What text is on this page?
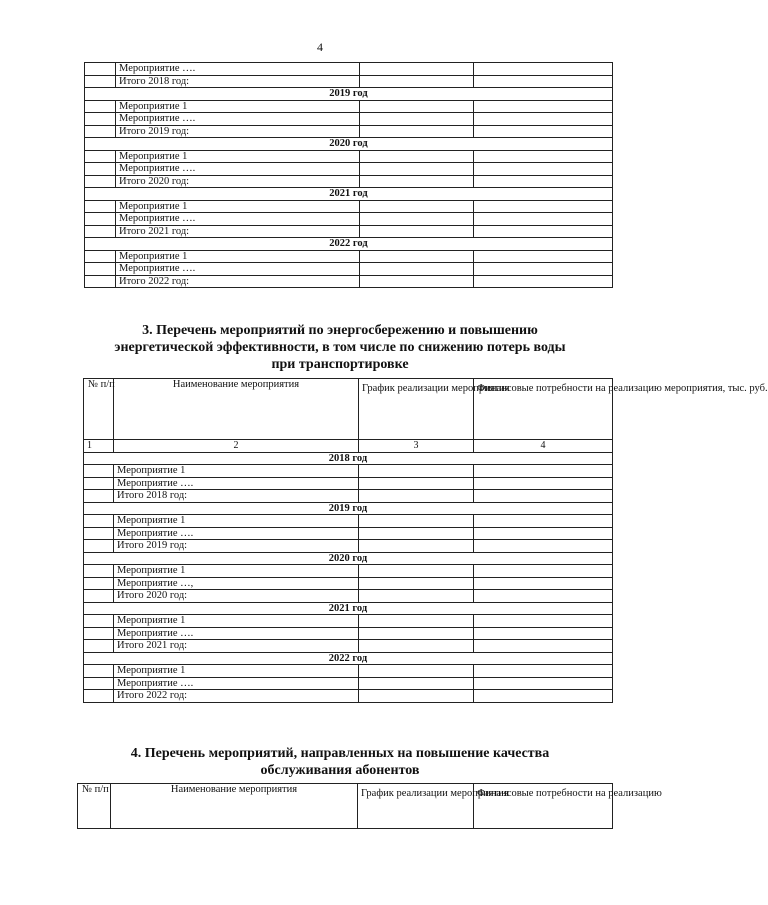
4
	Мероприятие ….		
	Итого 2018 год:		
2019 год			
	Мероприятие 1		
	Мероприятие ….		
	Итого 2019 год:		
2020 год			
	Мероприятие 1		
	Мероприятие ….		
	Итого 2020 год:		
2021 год			
	Мероприятие 1		
	Мероприятие ….		
	Итого 2021 год:		
2022 год			
	Мероприятие 1		
	Мероприятие ….		
	Итого 2022 год:		
3. Перечень мероприятий по энергосбережению и повышению
энергетической эффективности, в том числе по снижению потерь воды
при транспортировке
№ п/п	Наименование мероприятия	График реализации мероприятия	Финансовые потребности на реализацию мероприятия, тыс. руб.
1	2	3	4
2018 год			
	Мероприятие 1		
	Мероприятие ….		
	Итого 2018 год:		
2019 год			
	Мероприятие 1		
	Мероприятие ….		
	Итого 2019 год:		
2020 год			
	Мероприятие 1		
	Мероприятие …,		
	Итого 2020 год:		
2021 год			
	Мероприятие 1		
	Мероприятие ….		
	Итого 2021 год:		
2022 год			
	Мероприятие 1		
	Мероприятие ….		
	Итого 2022 год:		
4. Перечень мероприятий, направленных на повышение качества
обслуживания абонентов
№ п/п	Наименование мероприятия	График реализации мероприятия	Финансовые потребности на реализацию
